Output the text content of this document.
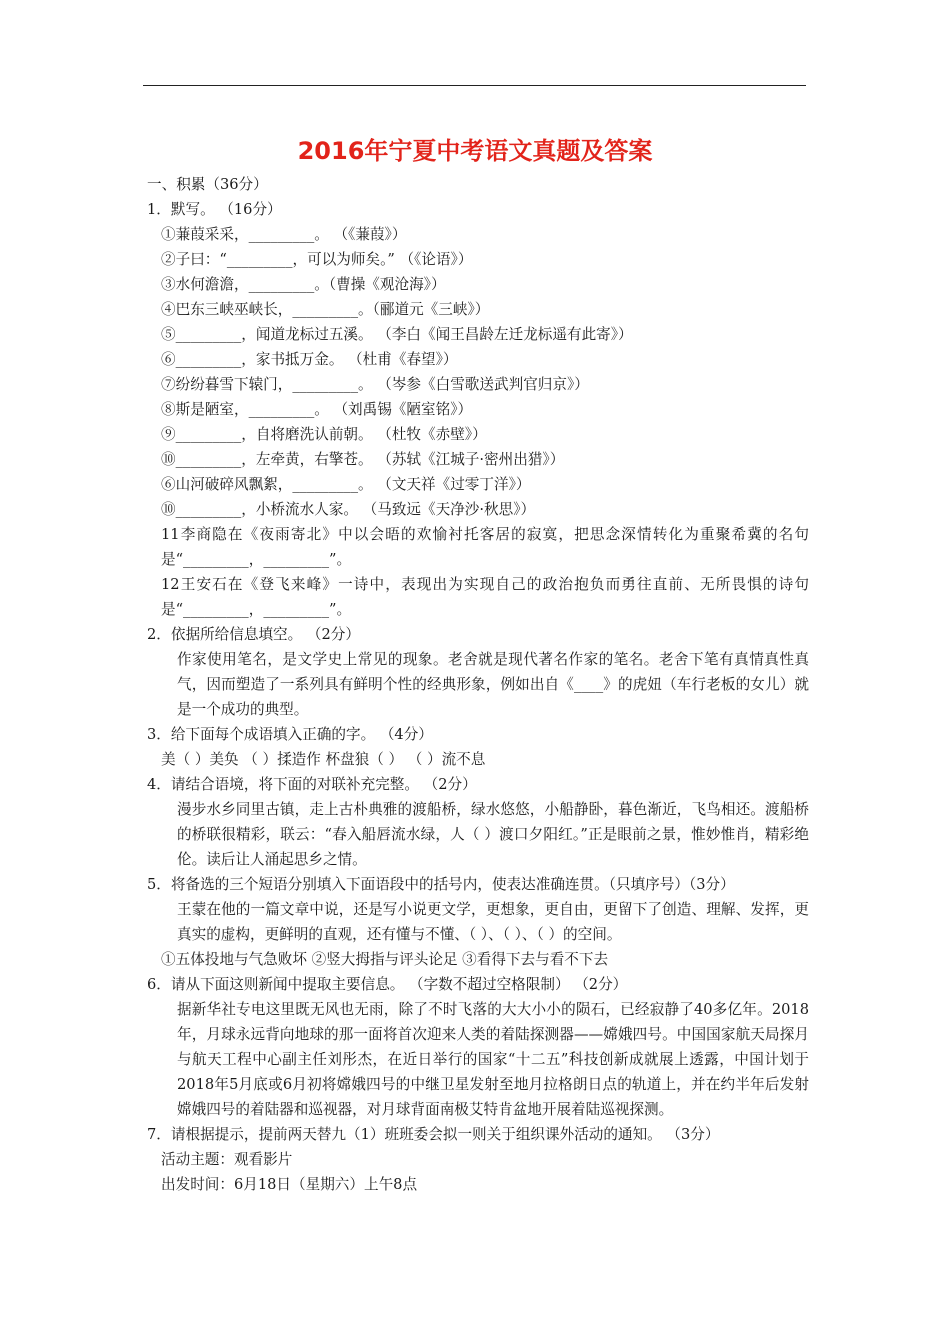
2016年宁夏中考语文真题及答案
一、积累（36分）
1．默写。 （16分）
①蒹葭采采，_________。 （《蒹葭》）
②子曰：“_________，可以为师矣。” （《论语》）
③水何澹澹，_________。（曹操《观沧海》）
④巴东三峡巫峡长，_________。（郦道元《三峡》）
⑤_________，闻道龙标过五溪。 （李白《闻王昌龄左迁龙标遥有此寄》）
⑥_________，家书抵万金。 （杜甫《春望》）
⑦纷纷暮雪下辕门，_________。 （岑参《白雪歌送武判官归京》）
⑧斯是陋室，_________。 （刘禹锡《陋室铭》）
⑨_________，自将磨洗认前朝。 （杜牧《赤壁》）
⑩_________，左牵黄，右擎苍。 （苏轼《江城子·密州出猎》）
⑥山河破碎风飘絮，_________。 （文天祥《过零丁洋》）
⑩_________，小桥流水人家。 （马致远《天净沙·秋思》）
11李商隐在《夜雨寄北》中以会晤的欢愉衬托客居的寂寞，把思念深情转化为重聚希冀的名句是“_________，_________”。
12王安石在《登飞来峰》一诗中，表现出为实现自己的政治抱负而勇往直前、无所畏惧的诗句是“_________，_________”。
2．依据所给信息填空。 （2分）
作家使用笔名，是文学史上常见的现象。老舍就是现代著名作家的笔名。老舍下笔有真情真性真气，因而塑造了一系列具有鲜明个性的经典形象，例如出自《____》的虎妞（车行老板的女儿）就是一个成功的典型。
3．给下面每个成语填入正确的字。 （4分）
美（ ）美奂 （ ）揉造作 杯盘狼（ ） （ ）流不息
4．请结合语境，将下面的对联补充完整。 （2分）
漫步水乡同里古镇，走上古朴典雅的渡船桥，绿水悠悠，小船静卧，暮色渐近，飞鸟相还。渡船桥的桥联很精彩，联云：“春入船唇流水绿，人（ ）渡口夕阳红。”正是眼前之景，惟妙惟肖，精彩绝伦。读后让人涌起思乡之情。
5．将备选的三个短语分别填入下面语段中的括号内，使表达准确连贯。（只填序号）（3分）
王蒙在他的一篇文章中说，还是写小说更文学，更想象，更自由，更留下了创造、理解、发挥，更真实的虚构，更鲜明的直观，还有懂与不懂、（ ）、（ ）、（ ）的空间。
①五体投地与气急败坏 ②竖大拇指与评头论足 ③看得下去与看不下去
6．请从下面这则新闻中提取主要信息。 （字数不超过空格限制） （2分）
据新华社专电这里既无风也无雨，除了不时飞落的大大小小的陨石，已经寂静了40多亿年。2018年，月球永远背向地球的那一面将首次迎来人类的着陆探测器——嫦娥四号。中国国家航天局探月与航天工程中心副主任刘彤杰，在近日举行的国家“十二五”科技创新成就展上透露，中国计划于2018年5月底或6月初将嫦娥四号的中继卫星发射至地月拉格朗日点的轨道上，并在约半年后发射嫦娥四号的着陆器和巡视器，对月球背面南极艾特肯盆地开展着陆巡视探测。
7．请根据提示，提前两天替九（1）班班委会拟一则关于组织课外活动的通知。 （3分）
活动主题：观看影片
出发时间：6月18日（星期六）上午8点
